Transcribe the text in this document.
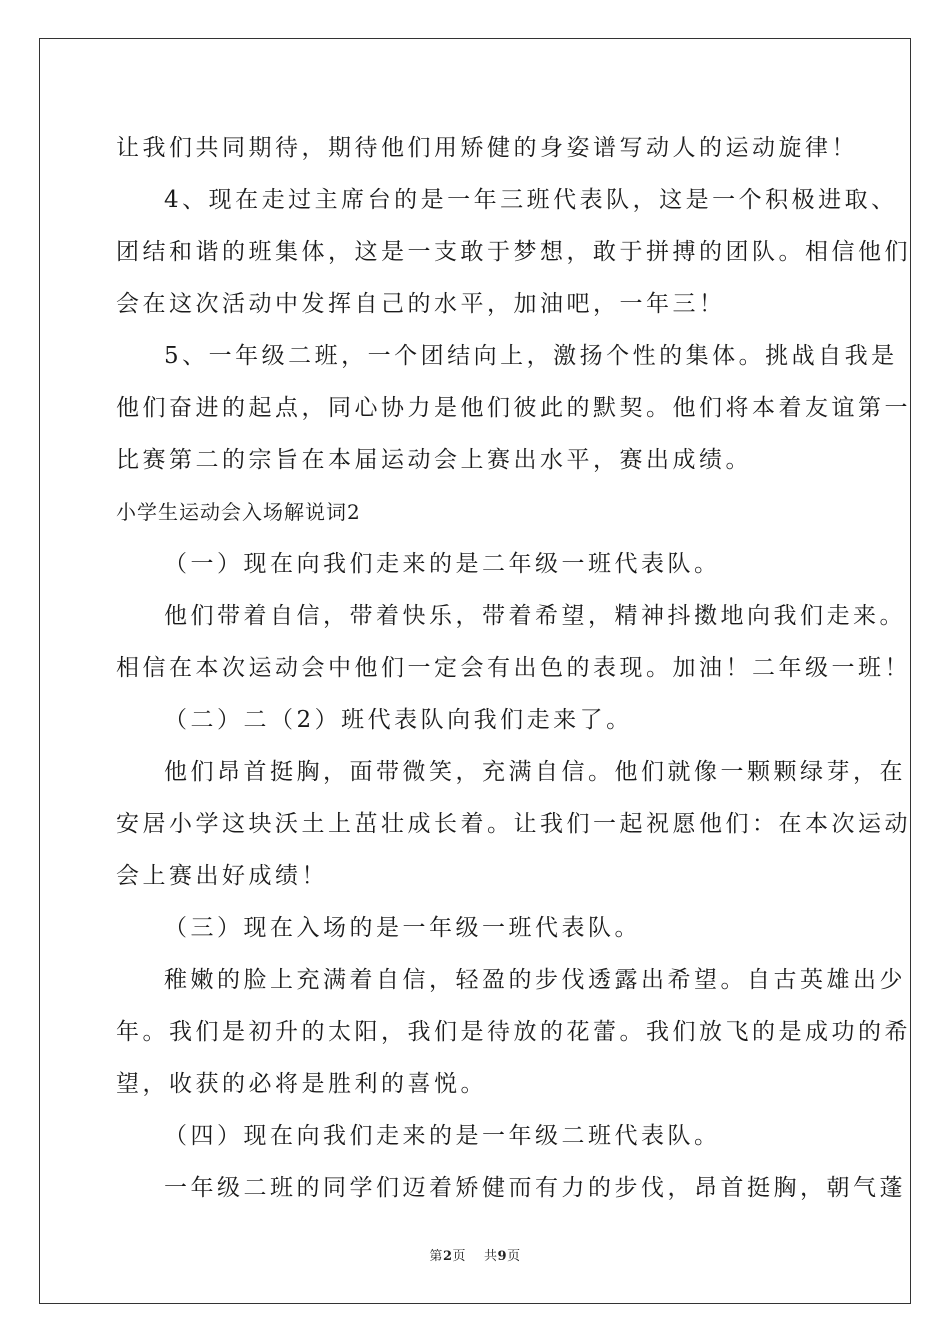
让我们共同期待，期待他们用矫健的身姿谱写动人的运动旋律！
4、现在走过主席台的是一年三班代表队，这是一个积极进取、
团结和谐的班集体，这是一支敢于梦想，敢于拼搏的团队。相信他们
会在这次活动中发挥自己的水平，加油吧，一年三！
5、一年级二班，一个团结向上，激扬个性的集体。挑战自我是
他们奋进的起点，同心协力是他们彼此的默契。他们将本着友谊第一
比赛第二的宗旨在本届运动会上赛出水平，赛出成绩。
小学生运动会入场解说词2
（一）现在向我们走来的是二年级一班代表队。
他们带着自信，带着快乐，带着希望，精神抖擞地向我们走来。
相信在本次运动会中他们一定会有出色的表现。加油！二年级一班！
（二）二（2）班代表队向我们走来了。
他们昂首挺胸，面带微笑，充满自信。他们就像一颗颗绿芽，在
安居小学这块沃土上茁壮成长着。让我们一起祝愿他们：在本次运动
会上赛出好成绩！
（三）现在入场的是一年级一班代表队。
稚嫩的脸上充满着自信，轻盈的步伐透露出希望。自古英雄出少
年。我们是初升的太阳，我们是待放的花蕾。我们放飞的是成功的希
望，收获的必将是胜利的喜悦。
（四）现在向我们走来的是一年级二班代表队。
一年级二班的同学们迈着矫健而有力的步伐，昂首挺胸，朝气蓬
第2页 共9页
